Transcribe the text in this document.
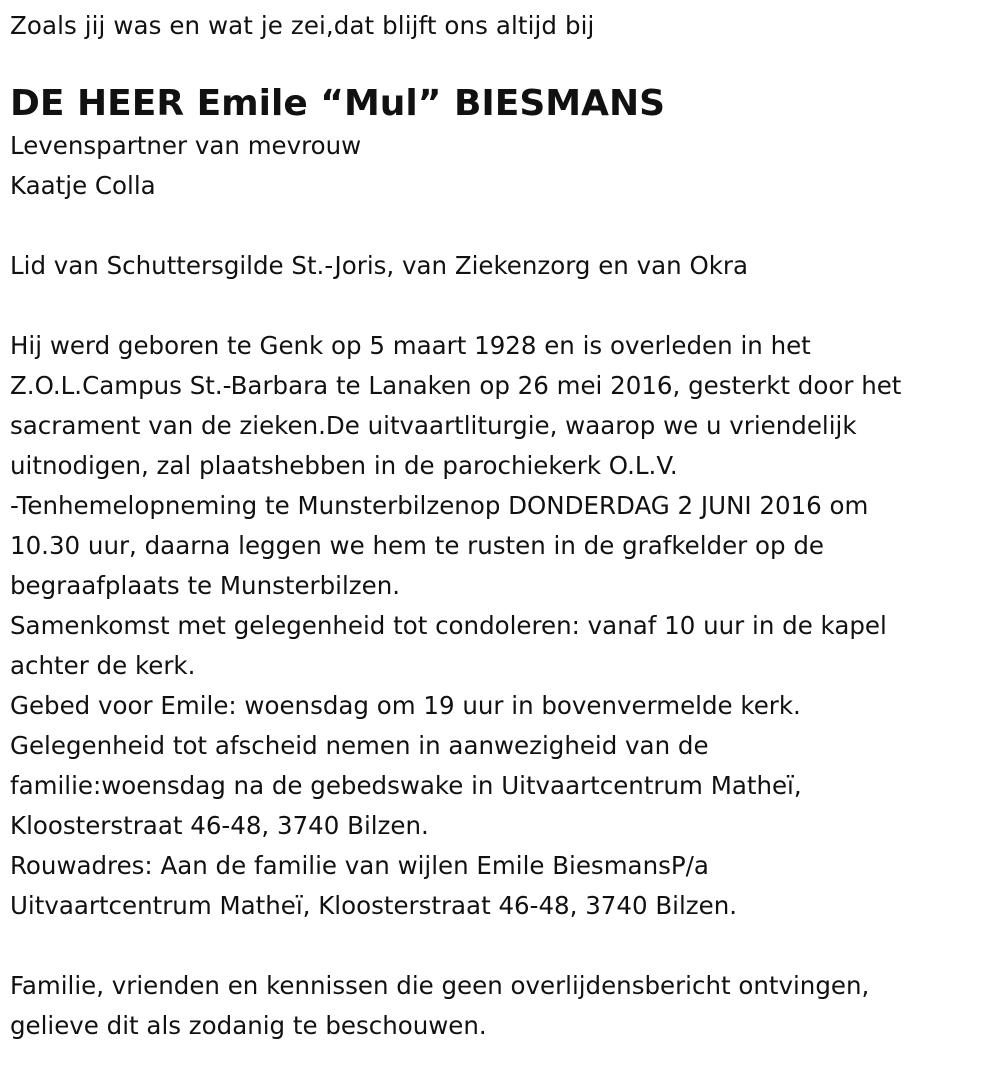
Zoals jij was en wat je zei,dat blijft ons altijd bij
DE HEER Emile “Mul” BIESMANS
Levenspartner van mevrouw
Kaatje Colla
Lid van Schuttersgilde St.-Joris, van Ziekenzorg en van Okra
Hij werd geboren te Genk op 5 maart 1928 en is overleden in het
Z.O.L.Campus St.-Barbara te Lanaken op 26 mei 2016, gesterkt door het
sacrament van de zieken.De uitvaartliturgie, waarop we u vriendelijk
uitnodigen, zal plaatshebben in de parochiekerk O.L.V.
-Tenhemelopneming te Munsterbilzenop DONDERDAG 2 JUNI 2016 om
10.30 uur, daarna leggen we hem te rusten in de grafkelder op de
begraafplaats te Munsterbilzen.
Samenkomst met gelegenheid tot condoleren: vanaf 10 uur in de kapel
achter de kerk.
Gebed voor Emile: woensdag om 19 uur in bovenvermelde kerk.
Gelegenheid tot afscheid nemen in aanwezigheid van de
familie:woensdag na de gebedswake in Uitvaartcentrum Matheï,
Kloosterstraat 46-48, 3740 Bilzen.
Rouwadres: Aan de familie van wijlen Emile BiesmansP/a
Uitvaartcentrum Matheï, Kloosterstraat 46-48, 3740 Bilzen.
Familie, vrienden en kennissen die geen overlijdensbericht ontvingen,
gelieve dit als zodanig te beschouwen.
